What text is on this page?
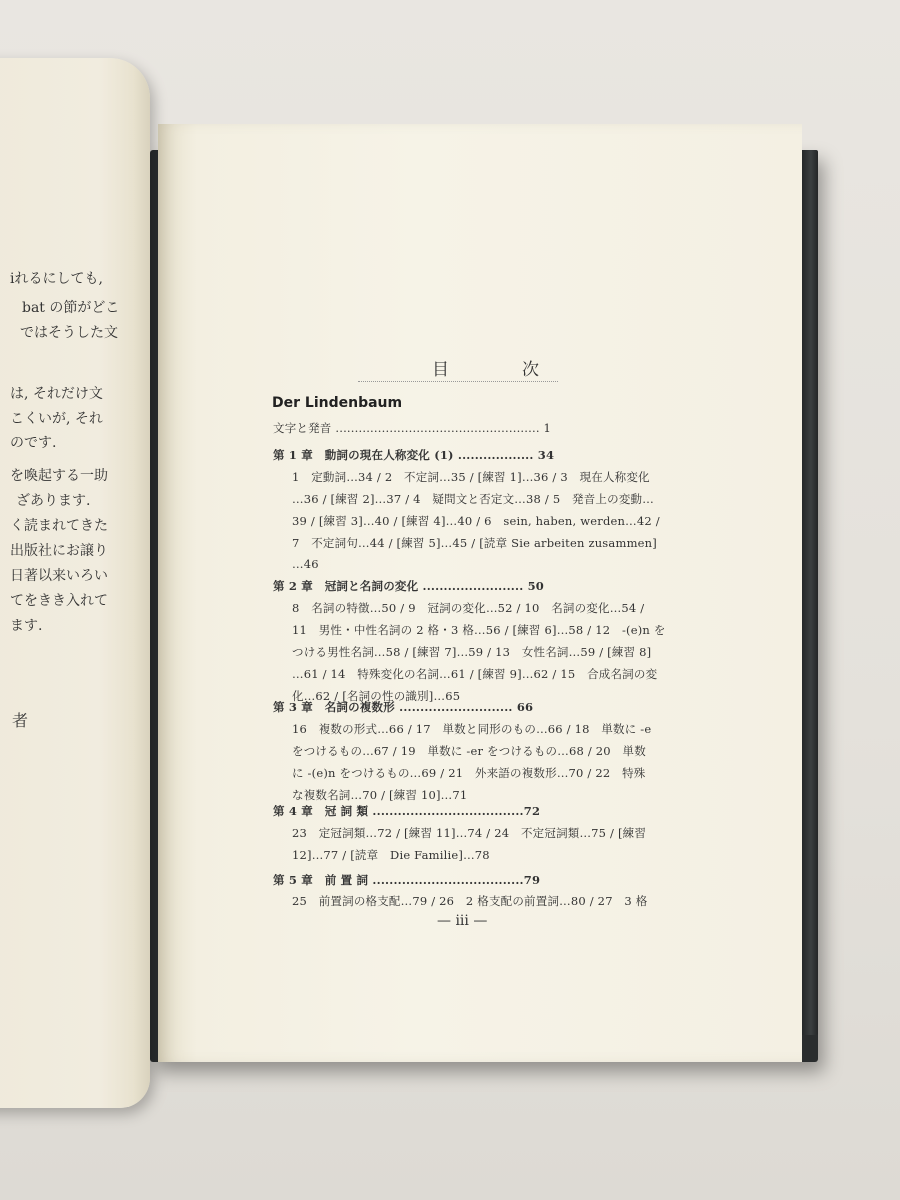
iれるにしても,
bat の節がどこ
ではそうした文
は, それだけ文
こくいが, それ
のです.
を喚起する一助
ざあります.
く読まれてきた
出版社にお譲り
日著以来いろい
てをきき入れて
ます.
者
目　次
Der Lindenbaum
文字と発音 ..................................................... 1
第 1 章　動詞の現在人称変化 (1) .................. 34
1　定動詞…34 / 2　不定詞…35 / [練習 1]…36 / 3　現在人称変化
…36 / [練習 2]…37 / 4　疑問文と否定文…38 / 5　発音上の変動…
39 / [練習 3]…40 / [練習 4]…40 / 6　sein, haben, werden…42 /
7　不定詞句…44 / [練習 5]…45 / [読章 Sie arbeiten zusammen]
…46
第 2 章　冠詞と名詞の変化 ........................ 50
8　名詞の特徴…50 / 9　冠詞の変化…52 / 10　名詞の変化…54 /
11　男性・中性名詞の 2 格・3 格…56 / [練習 6]…58 / 12　-(e)n を
つける男性名詞…58 / [練習 7]…59 / 13　女性名詞…59 / [練習 8]
…61 / 14　特殊変化の名詞…61 / [練習 9]…62 / 15　合成名詞の変
化…62 / [名詞の性の識別]…65
第 3 章　名詞の複数形 ........................... 66
16　複数の形式…66 / 17　単数と同形のもの…66 / 18　単数に -e
をつけるもの…67 / 19　単数に -er をつけるもの…68 / 20　単数
に -(e)n をつけるもの…69 / 21　外来語の複数形…70 / 22　特殊
な複数名詞…70 / [練習 10]…71
第 4 章　冠 詞 類 ....................................72
23　定冠詞類…72 / [練習 11]…74 / 24　不定冠詞類…75 / [練習
12]…77 / [読章　Die Familie]…78
第 5 章　前 置 詞 ....................................79
25　前置詞の格支配…79 / 26　2 格支配の前置詞…80 / 27　3 格
— iii —
